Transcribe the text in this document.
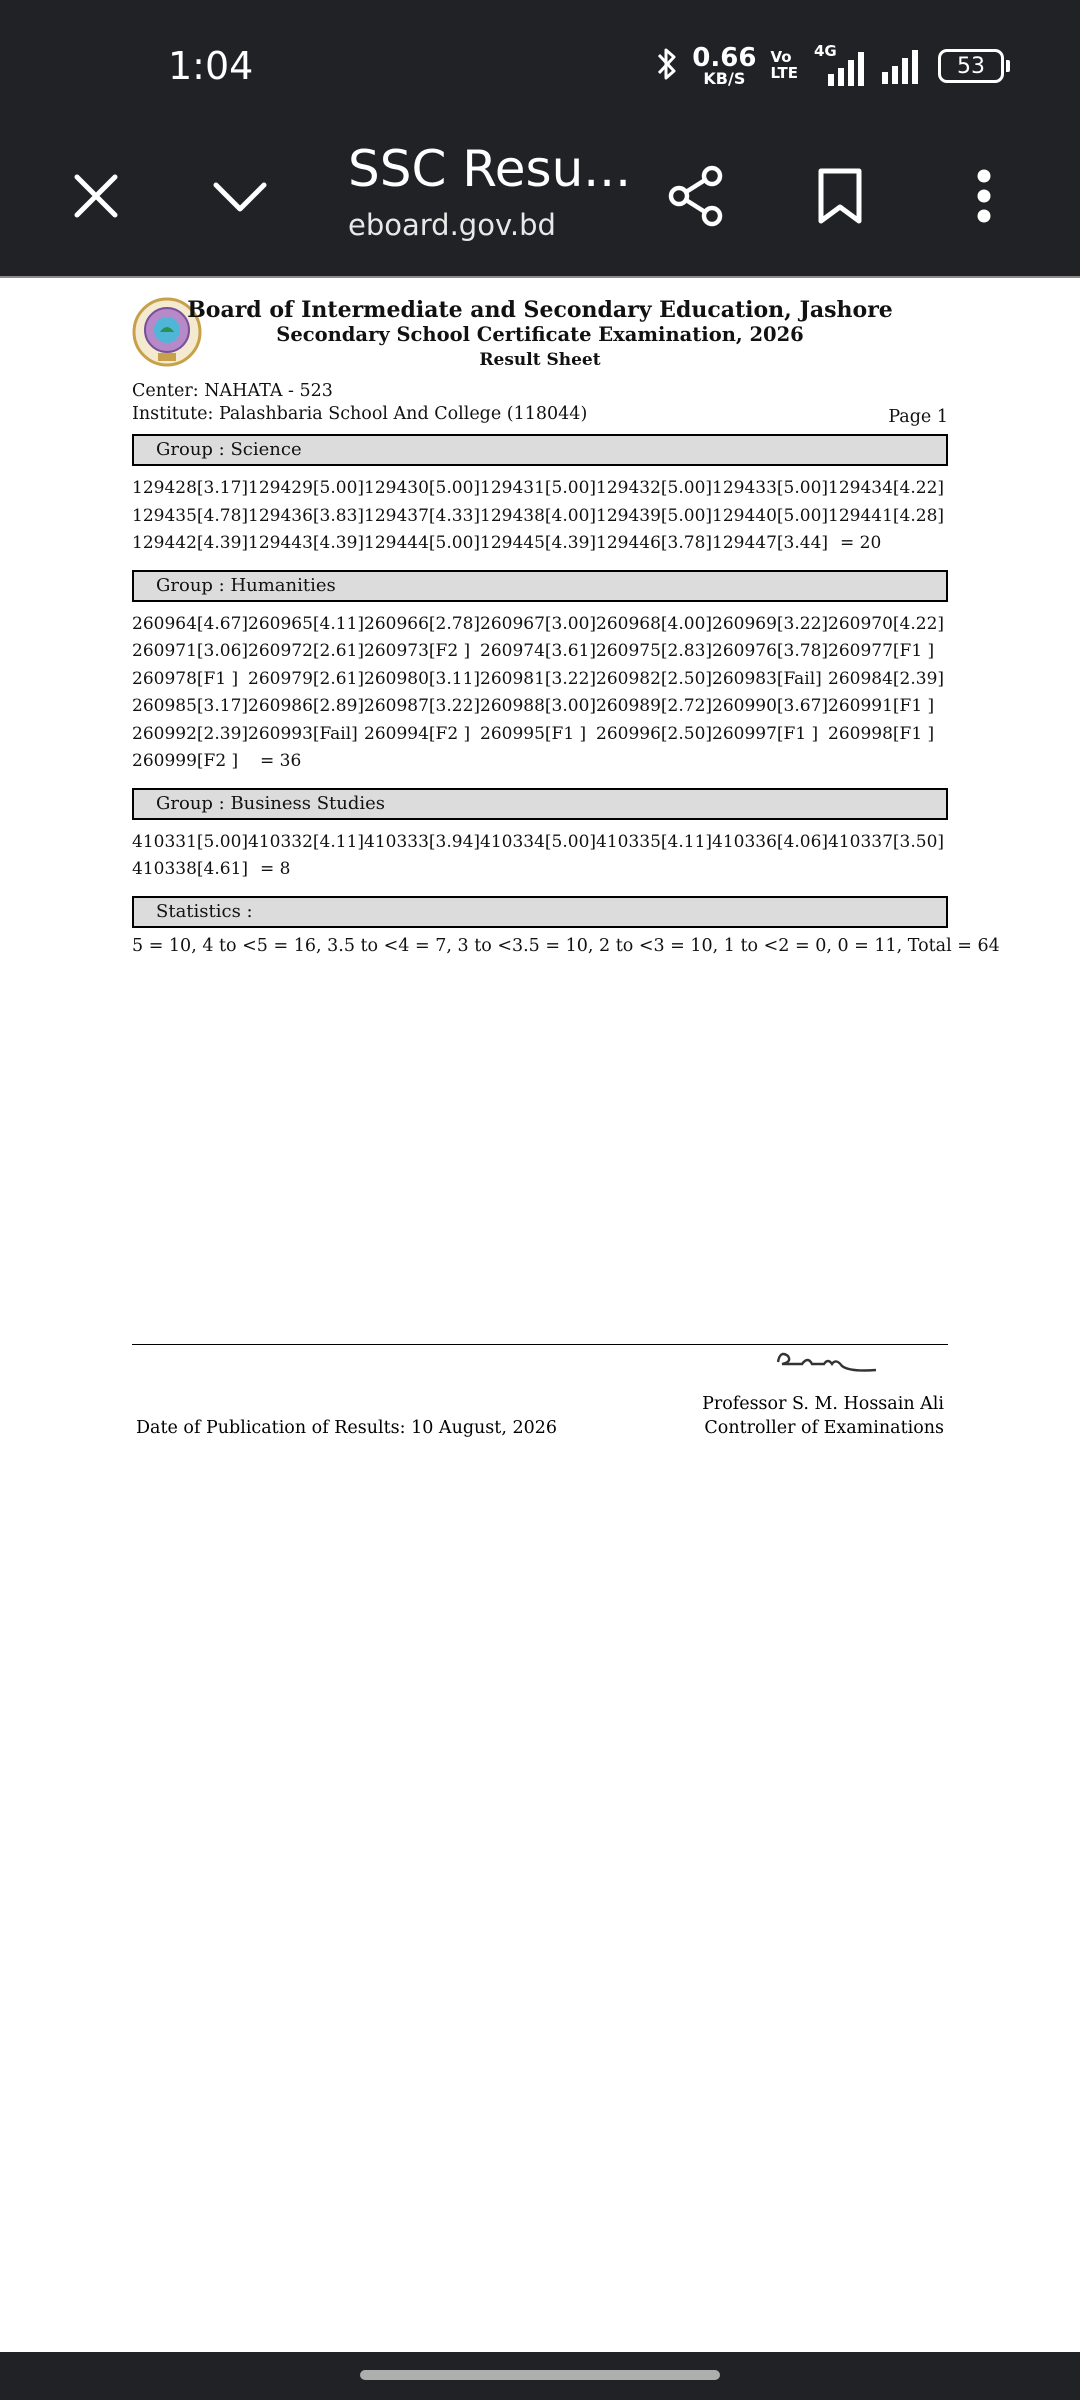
1:04	0.66
KB/S
Vo
LTE
4G
53
SSC Resu...
eboard.gov.bd
Board of Intermediate and Secondary Education, Jashore
Secondary School Certificate Examination, 2026
Result Sheet
Center: NAHATA - 523
Institute: Palashbaria School And College (118044)	Page 1
Group : Science
129428[3.17] 129429[5.00] 129430[5.00] 129431[5.00] 129432[5.00] 129433[5.00] 129434[4.22]
129435[4.78] 129436[3.83] 129437[4.33] 129438[4.00] 129439[5.00] 129440[5.00] 129441[4.28]
129442[4.39] 129443[4.39] 129444[5.00] 129445[4.39] 129446[3.78] 129447[3.44] = 20
Group : Humanities
260964[4.67] 260965[4.11] 260966[2.78] 260967[3.00] 260968[4.00] 260969[3.22] 260970[4.22]
260971[3.06] 260972[2.61] 260973[F2 ] 260974[3.61] 260975[2.83] 260976[3.78] 260977[F1 ]
260978[F1 ] 260979[2.61] 260980[3.11] 260981[3.22] 260982[2.50] 260983[Fail] 260984[2.39]
260985[3.17] 260986[2.89] 260987[3.22] 260988[3.00] 260989[2.72] 260990[3.67] 260991[F1 ]
260992[2.39] 260993[Fail] 260994[F2 ] 260995[F1 ] 260996[2.50] 260997[F1 ] 260998[F1 ]
260999[F2 ]	= 36
Group : Business Studies
410331[5.00] 410332[4.11] 410333[3.94] 410334[5.00] 410335[4.11] 410336[4.06] 410337[3.50]
410338[4.61] = 8
Statistics :
5 = 10, 4 to <5 = 16, 3.5 to <4 = 7, 3 to <3.5 = 10, 2 to <3 = 10, 1 to <2 = 0, 0 = 11, Total = 64
Professor S. M. Hossain Ali
Controller of Examinations
Date of Publication of Results: 10 August, 2026
